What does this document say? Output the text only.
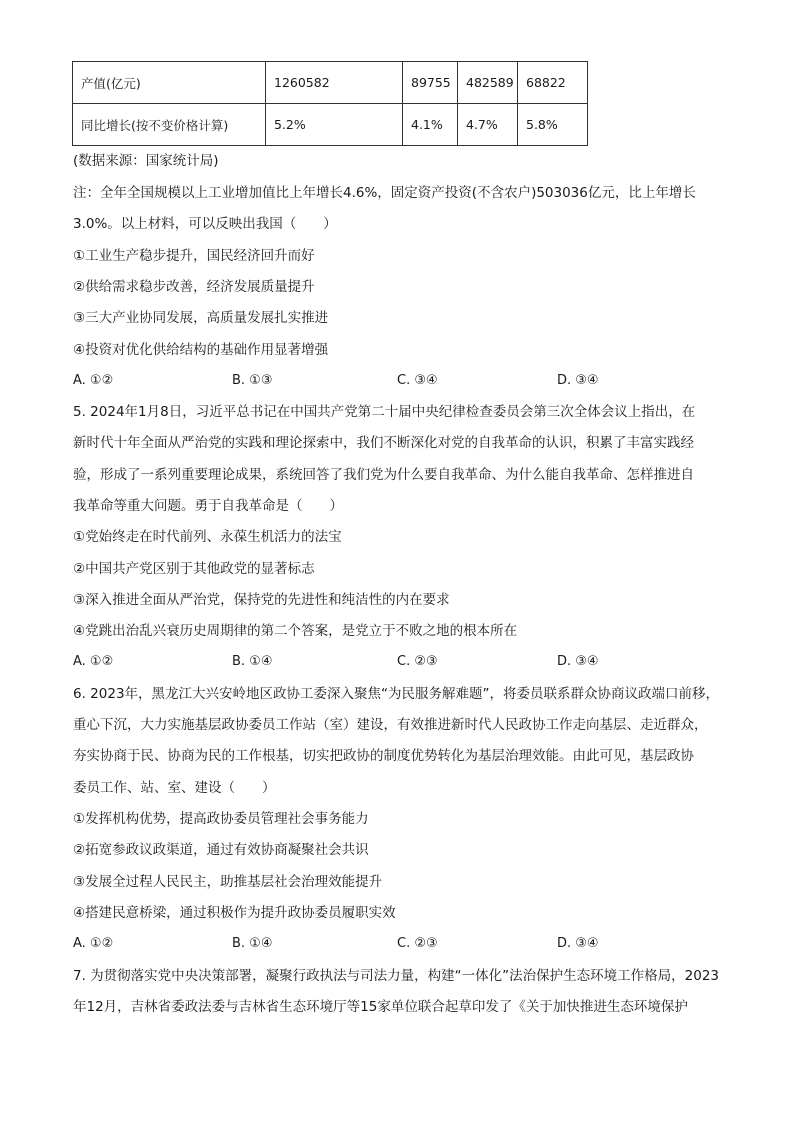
产值(亿元)	1260582	89755	482589	68822
同比增长(按不变价格计算)	5.2%	4.1%	4.7%	5.8%
(数据来源：国家统计局)
注：全年全国规模以上工业增加值比上年增长4.6%，固定资产投资(不含农户)503036亿元，比上年增长
3.0%。以上材料，可以反映出我国（　　）
①工业生产稳步提升，国民经济回升而好
②供给需求稳步改善，经济发展质量提升
③三大产业协同发展，高质量发展扎实推进
④投资对优化供给结构的基础作用显著增强
A. ①②	B. ①③	C. ③④	D. ③④
5. 2024年1月8日，习近平总书记在中国共产党第二十届中央纪律检查委员会第三次全体会议上指出，在
新时代十年全面从严治党的实践和理论探索中，我们不断深化对党的自我革命的认识，积累了丰富实践经
验，形成了一系列重要理论成果，系统回答了我们党为什么要自我革命、为什么能自我革命、怎样推进自
我革命等重大问题。勇于自我革命是（　　）
①党始终走在时代前列、永葆生机活力的法宝
②中国共产党区别于其他政党的显著标志
③深入推进全面从严治党，保持党的先进性和纯洁性的内在要求
④党跳出治乱兴衰历史周期律的第二个答案，是党立于不败之地的根本所在
A. ①②	B. ①④	C. ②③	D. ③④
6. 2023年，黑龙江大兴安岭地区政协工委深入聚焦“为民服务解难题”，将委员联系群众协商议政端口前移，
重心下沉，大力实施基层政协委员工作站（室）建设，有效推进新时代人民政协工作走向基层、走近群众，
夯实协商于民、协商为民的工作根基，切实把政协的制度优势转化为基层治理效能。由此可见，基层政协
委员工作、站、室、建设（　　）
①发挥机构优势，提高政协委员管理社会事务能力
②拓宽参政议政渠道，通过有效协商凝聚社会共识
③发展全过程人民民主，助推基层社会治理效能提升
④搭建民意桥梁，通过积极作为提升政协委员履职实效
A. ①②	B. ①④	C. ②③	D. ③④
7. 为贯彻落实党中央决策部署，凝聚行政执法与司法力量，构建“一体化”法治保护生态环境工作格局，2023
年12月，吉林省委政法委与吉林省生态环境厅等15家单位联合起草印发了《关于加快推进生态环境保护
